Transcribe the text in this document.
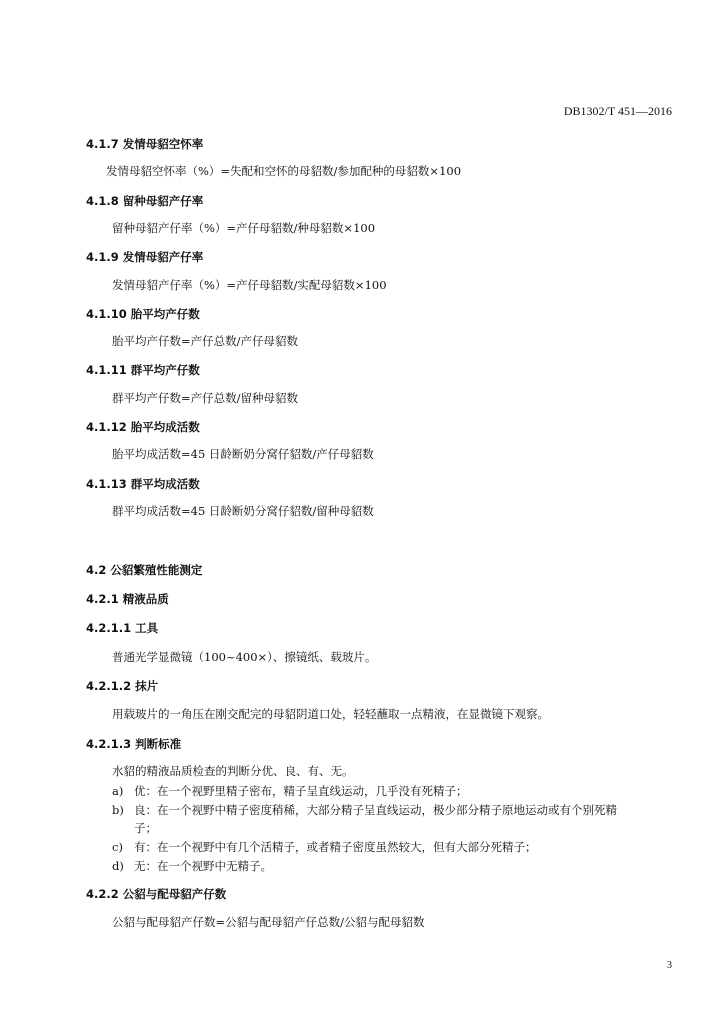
DB1302/T 451—2016
4.1.7 发情母貂空怀率
发情母貂空怀率（%）=失配和空怀的母貂数/参加配种的母貂数×100
4.1.8 留种母貂产仔率
留种母貂产仔率（%）=产仔母貂数/种母貂数×100
4.1.9 发情母貂产仔率
发情母貂产仔率（%）=产仔母貂数/实配母貂数×100
4.1.10 胎平均产仔数
胎平均产仔数=产仔总数/产仔母貂数
4.1.11 群平均产仔数
群平均产仔数=产仔总数/留种母貂数
4.1.12 胎平均成活数
胎平均成活数=45 日龄断奶分窝仔貂数/产仔母貂数
4.1.13 群平均成活数
群平均成活数=45 日龄断奶分窝仔貂数/留种母貂数
4.2 公貂繁殖性能测定
4.2.1 精液品质
4.2.1.1 工具
普通光学显微镜（100~400×）、擦镜纸、载玻片。
4.2.1.2 抹片
用载玻片的一角压在刚交配完的母貂阴道口处，轻轻蘸取一点精液，在显微镜下观察。
4.2.1.3 判断标准
水貂的精液品质检查的判断分优、良、有、无。
a) 优：在一个视野里精子密布，精子呈直线运动，几乎没有死精子；
b) 良：在一个视野中精子密度稍稀，大部分精子呈直线运动，极少部分精子原地运动或有个别死精
子；
c) 有：在一个视野中有几个活精子，或者精子密度虽然较大，但有大部分死精子；
d) 无：在一个视野中无精子。
4.2.2 公貂与配母貂产仔数
公貂与配母貂产仔数=公貂与配母貂产仔总数/公貂与配母貂数
3
